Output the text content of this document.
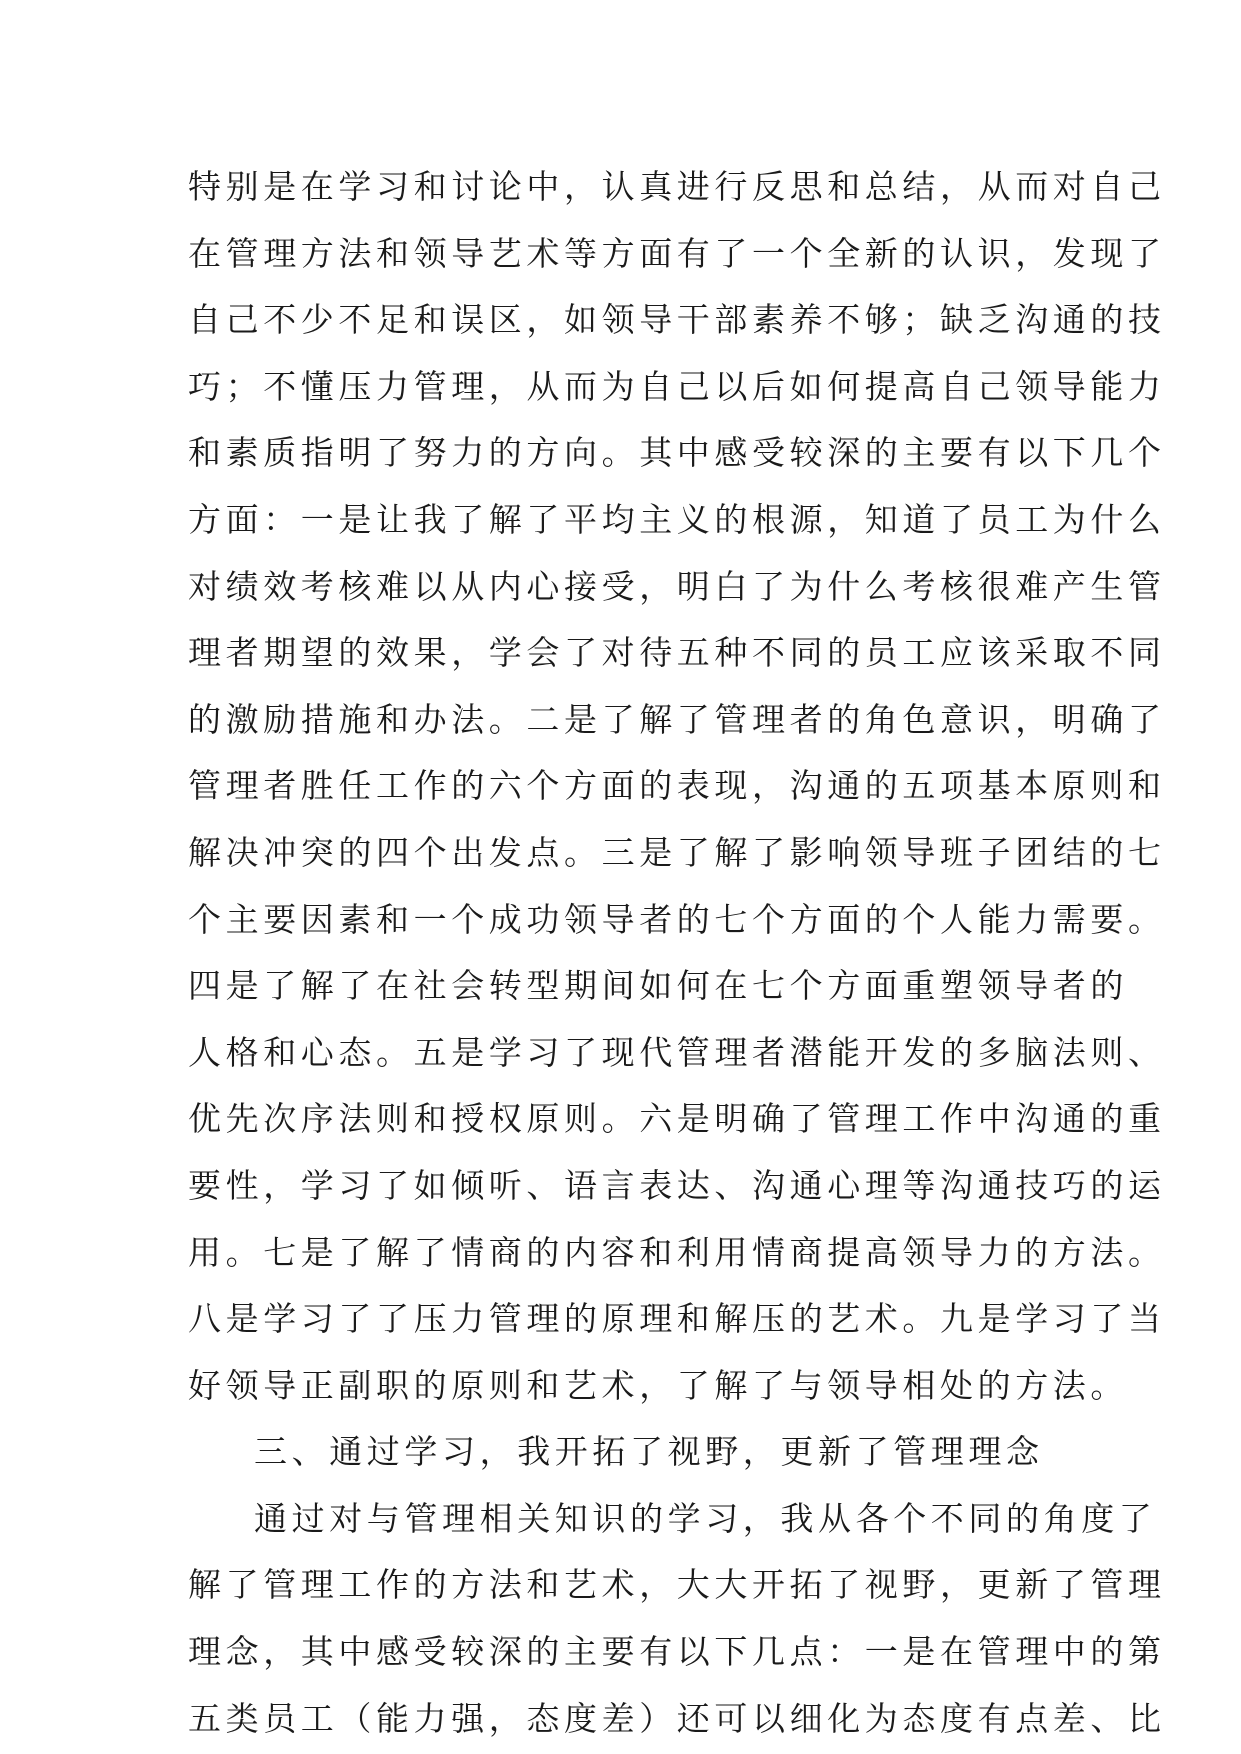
特别是在学习和讨论中，认真进行反思和总结，从而对自己
在管理方法和领导艺术等方面有了一个全新的认识，发现了
自己不少不足和误区，如领导干部素养不够；缺乏沟通的技
巧；不懂压力管理，从而为自己以后如何提高自己领导能力
和素质指明了努力的方向。其中感受较深的主要有以下几个
方面：一是让我了解了平均主义的根源，知道了员工为什么
对绩效考核难以从内心接受，明白了为什么考核很难产生管
理者期望的效果，学会了对待五种不同的员工应该采取不同
的激励措施和办法。二是了解了管理者的角色意识，明确了
管理者胜任工作的六个方面的表现，沟通的五项基本原则和
解决冲突的四个出发点。三是了解了影响领导班子团结的七
个主要因素和一个成功领导者的七个方面的个人能力需要。
四是了解了在社会转型期间如何在七个方面重塑领导者的
人格和心态。五是学习了现代管理者潜能开发的多脑法则、
优先次序法则和授权原则。六是明确了管理工作中沟通的重
要性，学习了如倾听、语言表达、沟通心理等沟通技巧的运
用。七是了解了情商的内容和利用情商提高领导力的方法。
八是学习了了压力管理的原理和解压的艺术。九是学习了当
好领导正副职的原则和艺术，了解了与领导相处的方法。
三、通过学习，我开拓了视野，更新了管理理念
通过对与管理相关知识的学习，我从各个不同的角度了
解了管理工作的方法和艺术，大大开拓了视野，更新了管理
理念，其中感受较深的主要有以下几点：一是在管理中的第
五类员工（能力强，态度差）还可以细化为态度有点差、比
